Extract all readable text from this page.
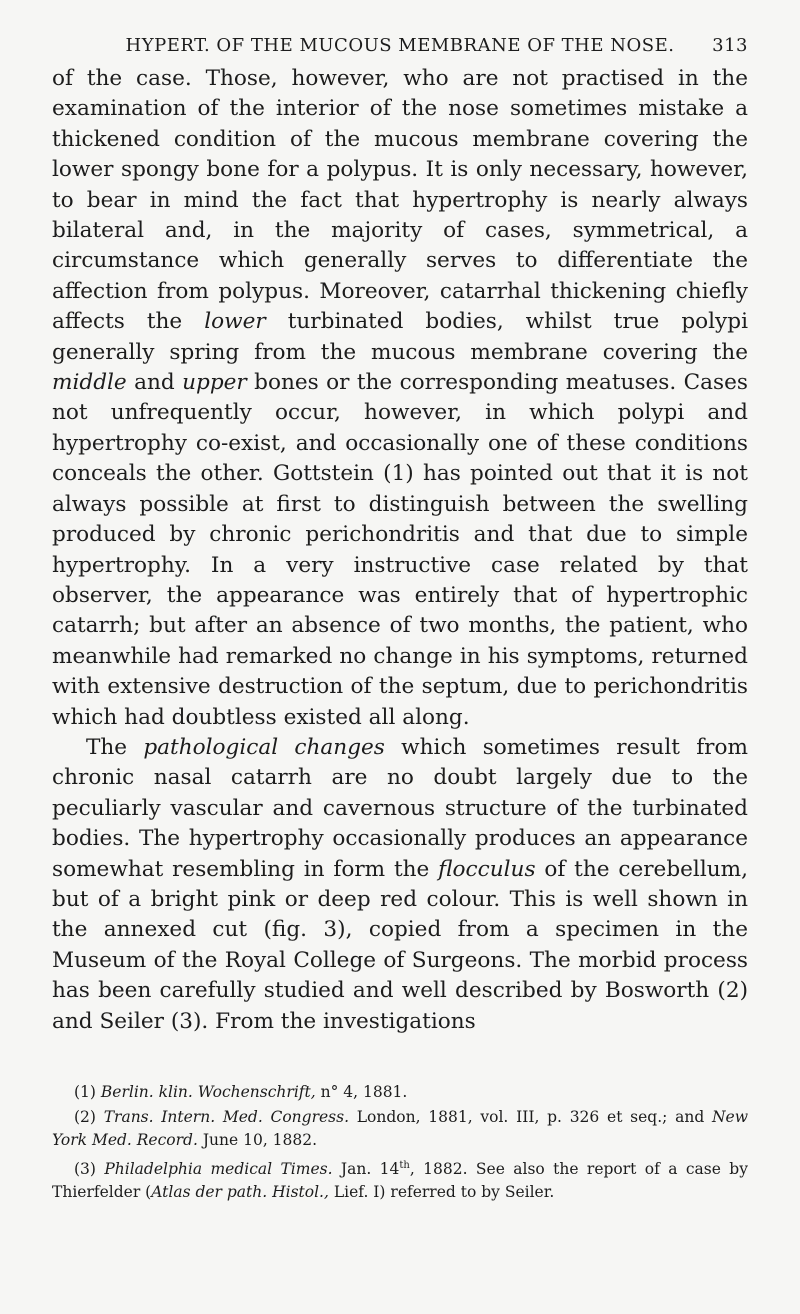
HYPERT. OF THE MUCOUS MEMBRANE OF THE NOSE. 313

of the case. Those, however, who are not practised in the examination of the interior of the nose sometimes mistake a thickened condition of the mucous membrane covering the lower spongy bone for a polypus. It is only necessary, however, to bear in mind the fact that hypertrophy is nearly always bilateral and, in the majority of cases, symmetrical, a circumstance which generally serves to differentiate the affection from polypus. Moreover, catarrhal thickening chiefly affects the lower turbinated bodies, whilst true polypi generally spring from the mucous membrane covering the middle and upper bones or the corresponding meatuses. Cases not unfrequently occur, however, in which polypi and hypertrophy co-exist, and occasionally one of these conditions conceals the other. Gottstein (1) has pointed out that it is not always possible at first to distinguish between the swelling produced by chronic perichondritis and that due to simple hypertrophy. In a very instructive case related by that observer, the appearance was entirely that of hypertrophic catarrh; but after an absence of two months, the patient, who meanwhile had remarked no change in his symptoms, returned with extensive destruction of the septum, due to perichondritis which had doubtless existed all along.

The pathological changes which sometimes result from chronic nasal catarrh are no doubt largely due to the peculiarly vascular and cavernous structure of the turbinated bodies. The hypertrophy occasionally produces an appearance somewhat resembling in form the flocculus of the cerebellum, but of a bright pink or deep red colour. This is well shown in the annexed cut (fig. 3), copied from a specimen in the Museum of the Royal College of Surgeons. The morbid process has been carefully studied and well described by Bosworth (2) and Seiler (3). From the investigations

(1) Berlin. klin. Wochenschrift, n° 4, 1881.

(2) Trans. Intern. Med. Congress. London, 1881, vol. III, p. 326 et seq.; and New York Med. Record. June 10, 1882.

(3) Philadelphia medical Times. Jan. 14th, 1882. See also the report of a case by Thierfelder (Atlas der path. Histol., Lief. I) referred to by Seiler.
